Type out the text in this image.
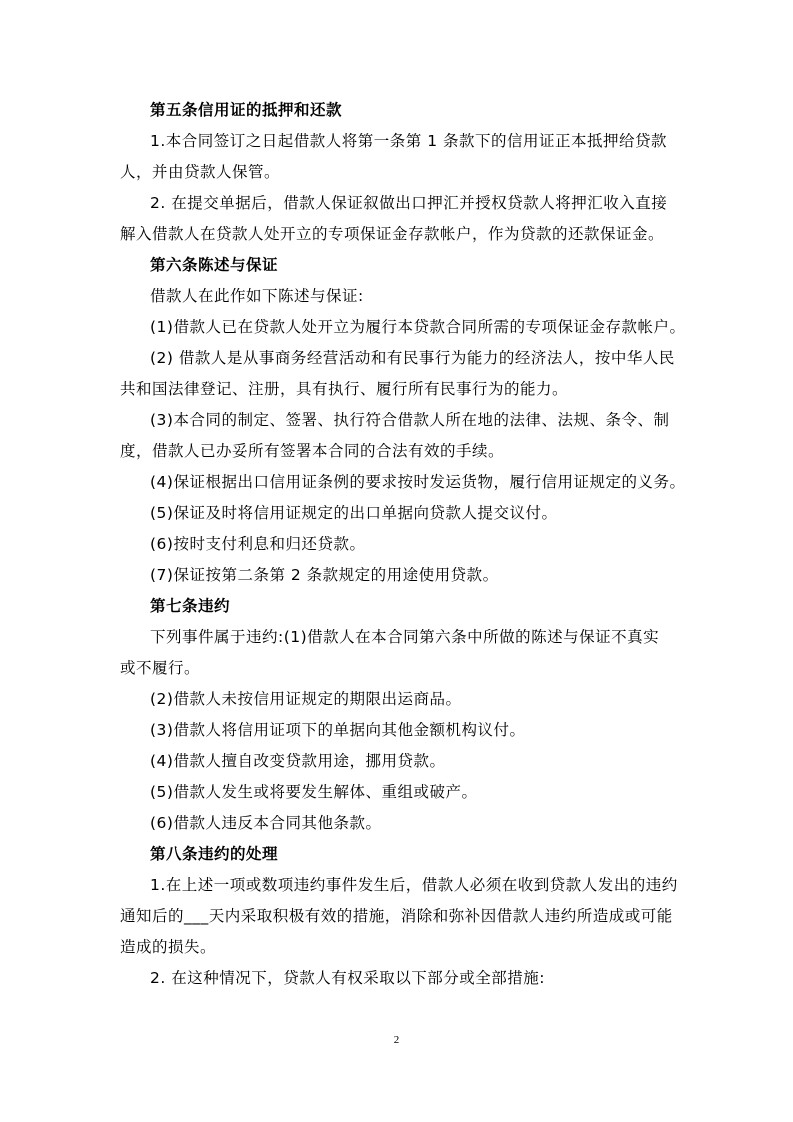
第五条信用证的抵押和还款
1.本合同签订之日起借款人将第一条第 1 条款下的信用证正本抵押给贷款
人，并由贷款人保管。
2. 在提交单据后，借款人保证叙做出口押汇并授权贷款人将押汇收入直接
解入借款人在贷款人处开立的专项保证金存款帐户，作为贷款的还款保证金。
第六条陈述与保证
借款人在此作如下陈述与保证:
(1)借款人已在贷款人处开立为履行本贷款合同所需的专项保证金存款帐户。
(2) 借款人是从事商务经营活动和有民事行为能力的经济法人，按中华人民
共和国法律登记、注册，具有执行、履行所有民事行为的能力。
(3)本合同的制定、签署、执行符合借款人所在地的法律、法规、条令、制
度，借款人已办妥所有签署本合同的合法有效的手续。
(4)保证根据出口信用证条例的要求按时发运货物，履行信用证规定的义务。
(5)保证及时将信用证规定的出口单据向贷款人提交议付。
(6)按时支付利息和归还贷款。
(7)保证按第二条第 2 条款规定的用途使用贷款。
第七条违约
下列事件属于违约:(1)借款人在本合同第六条中所做的陈述与保证不真实
或不履行。
(2)借款人未按信用证规定的期限出运商品。
(3)借款人将信用证项下的单据向其他金额机构议付。
(4)借款人擅自改变贷款用途，挪用贷款。
(5)借款人发生或将要发生解体、重组或破产。
(6)借款人违反本合同其他条款。
第八条违约的处理
1.在上述一项或数项违约事件发生后，借款人必须在收到贷款人发出的违约
通知后的___天内采取积极有效的措施，消除和弥补因借款人违约所造成或可能
造成的损失。
2. 在这种情况下，贷款人有权采取以下部分或全部措施:
2
